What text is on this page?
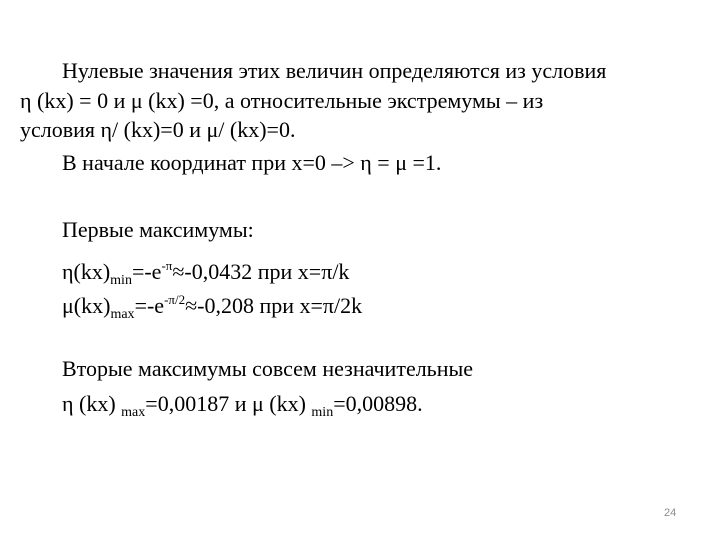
Нулевые значения этих величин определяются из условия
η (kx) = 0 и μ (kx) =0, а относительные экстремумы – из
условия η/ (kx)=0 и μ/ (kx)=0.
В начале координат при x=0 –> η = μ =1.
Первые максимумы:
$\eta(kx)_{min}=-e^{-\pi}\approx-0,0432$ при x=π/k
$\mu(kx)_{max}=-e^{-\pi/2}\approx-0,208$ при x=π/2k
Вторые максимумы совсем незначительные
η (kx) $_{max}$=0,00187 и μ (kx) $_{min}$=0,00898.
24
